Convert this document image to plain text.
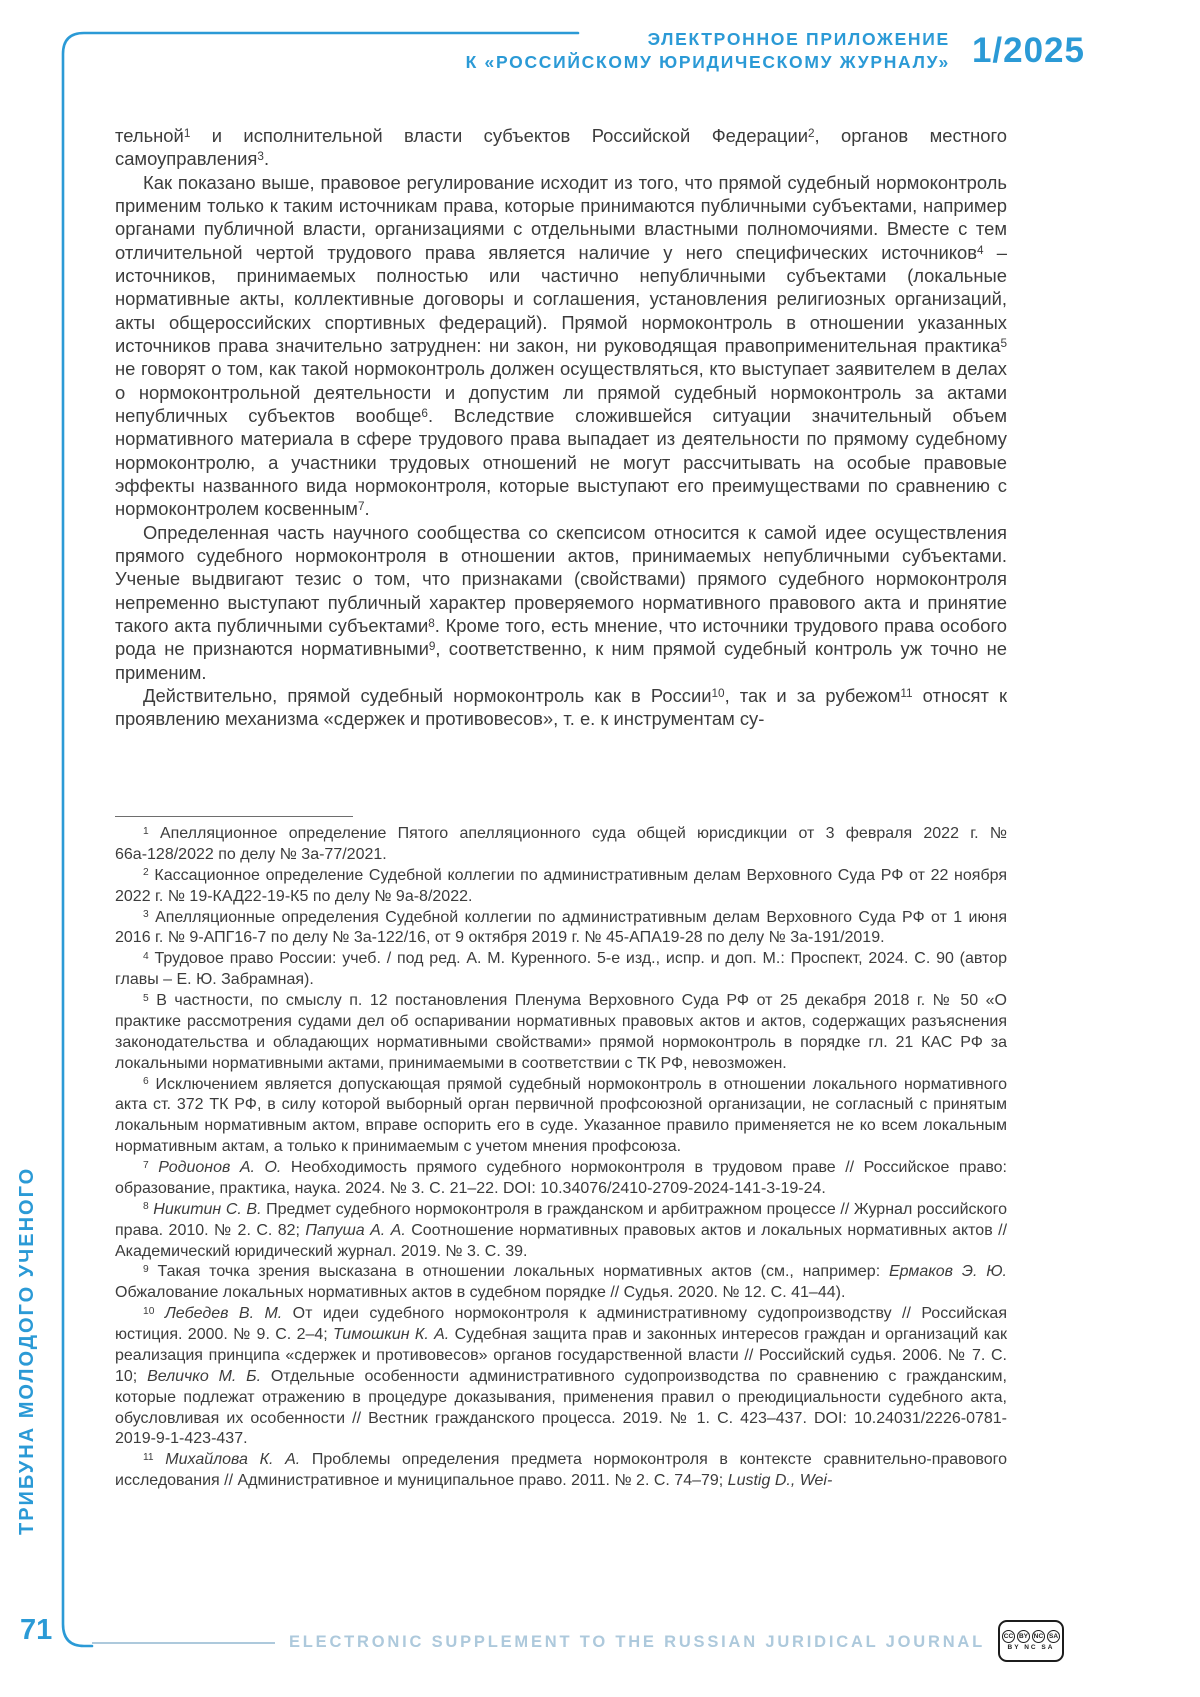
ЭЛЕКТРОННОЕ ПРИЛОЖЕНИЕ
К «РОССИЙСКОМУ ЮРИДИЧЕСКОМУ ЖУРНАЛУ» 1/2025

тельной$^1$ и исполнительной власти субъектов Российской Федерации$^2$, органов местного самоуправления$^3$.

Как показано выше, правовое регулирование исходит из того, что прямой судебный нормоконтроль применим только к таким источникам права, которые принимаются публичными субъектами, например органами публичной власти, организациями с отдельными властными полномочиями. Вместе с тем отличительной чертой трудового права является наличие у него специфических источников$^4$ – источников, принимаемых полностью или частично непубличными субъектами (локальные нормативные акты, коллективные договоры и соглашения, установления религиозных организаций, акты общероссийских спортивных федераций). Прямой нормоконтроль в отношении указанных источников права значительно затруднен: ни закон, ни руководящая правоприменительная практика$^5$ не говорят о том, как такой нормоконтроль должен осуществляться, кто выступает заявителем в делах о нормоконтрольной деятельности и допустим ли прямой судебный нормоконтроль за актами непубличных субъектов вообще$^6$. Вследствие сложившейся ситуации значительный объем нормативного материала в сфере трудового права выпадает из деятельности по прямому судебному нормоконтролю, а участники трудовых отношений не могут рассчитывать на особые правовые эффекты названного вида нормоконтроля, которые выступают его преимуществами по сравнению с нормоконтролем косвенным$^7$.

Определенная часть научного сообщества со скепсисом относится к самой идее осуществления прямого судебного нормоконтроля в отношении актов, принимаемых непубличными субъектами. Ученые выдвигают тезис о том, что признаками (свойствами) прямого судебного нормоконтроля непременно выступают публичный характер проверяемого нормативного правового акта и принятие такого акта публичными субъектами$^8$. Кроме того, есть мнение, что источники трудового права особого рода не признаются нормативными$^9$, соответственно, к ним прямой судебный контроль уж точно не применим.

Действительно, прямой судебный нормоконтроль как в России$^{10}$, так и за рубежом$^{11}$ относят к проявлению механизма «сдержек и противовесов», т. е. к инструментам су-

$^1$ Апелляционное определение Пятого апелляционного суда общей юрисдикции от 3 февраля 2022 г. № 66а-128/2022 по делу № 3а-77/2021.

$^2$ Кассационное определение Судебной коллегии по административным делам Верховного Суда РФ от 22 ноября 2022 г. № 19-КАД22-19-К5 по делу № 9а-8/2022.

$^3$ Апелляционные определения Судебной коллегии по административным делам Верховного Суда РФ от 1 июня 2016 г. № 9-АПГ16-7 по делу № 3а-122/16, от 9 октября 2019 г. № 45-АПА19-28 по делу № 3а-191/2019.

$^4$ Трудовое право России: учеб. / под ред. А. М. Куренного. 5-е изд., испр. и доп. М.: Проспект, 2024. С. 90 (автор главы – Е. Ю. Забрамная).

$^5$ В частности, по смыслу п. 12 постановления Пленума Верховного Суда РФ от 25 декабря 2018 г. № 50 «О практике рассмотрения судами дел об оспаривании нормативных правовых актов и актов, содержащих разъяснения законодательства и обладающих нормативными свойствами» прямой нормоконтроль в порядке гл. 21 КАС РФ за локальными нормативными актами, принимаемыми в соответствии с ТК РФ, невозможен.

$^6$ Исключением является допускающая прямой судебный нормоконтроль в отношении локального нормативного акта ст. 372 ТК РФ, в силу которой выборный орган первичной профсоюзной организации, не согласный с принятым локальным нормативным актом, вправе оспорить его в суде. Указанное правило применяется не ко всем локальным нормативным актам, а только к принимаемым с учетом мнения профсоюза.

$^7$ Родионов А. О. Необходимость прямого судебного нормоконтроля в трудовом праве // Российское право: образование, практика, наука. 2024. № 3. С. 21–22. DOI: 10.34076/2410-2709-2024-141-3-19-24.

$^8$ Никитин С. В. Предмет судебного нормоконтроля в гражданском и арбитражном процессе // Журнал российского права. 2010. № 2. С. 82; Папуша А. А. Соотношение нормативных правовых актов и локальных нормативных актов // Академический юридический журнал. 2019. № 3. С. 39.

$^9$ Такая точка зрения высказана в отношении локальных нормативных актов (см., например: Ермаков Э. Ю. Обжалование локальных нормативных актов в судебном порядке // Судья. 2020. № 12. С. 41–44).

$^{10}$ Лебедев В. М. От идеи судебного нормоконтроля к административному судопроизводству // Российская юстиция. 2000. № 9. С. 2–4; Тимошкин К. А. Судебная защита прав и законных интересов граждан и организаций как реализация принципа «сдержек и противовесов» органов государственной власти // Российский судья. 2006. № 7. С. 10; Величко М. Б. Отдельные особенности административного судопроизводства по сравнению с гражданским, которые подлежат отражению в процедуре доказывания, применения правил о преюдициальности судебного акта, обусловливая их особенности // Вестник гражданского процесса. 2019. № 1. С. 423–437. DOI: 10.24031/2226-0781-2019-9-1-423-437.

$^{11}$ Михайлова К. А. Проблемы определения предмета нормоконтроля в контексте сравнительно-правового исследования // Административное и муниципальное право. 2011. № 2. С. 74–79; Lustig D., Wei-

ТРИБУНА МОЛОДОГО УЧЕНОГО
71	ELECTRONIC SUPPLEMENT TO THE RUSSIAN JURIDICAL JOURNAL	CC BY NC SA
BY NC SA
